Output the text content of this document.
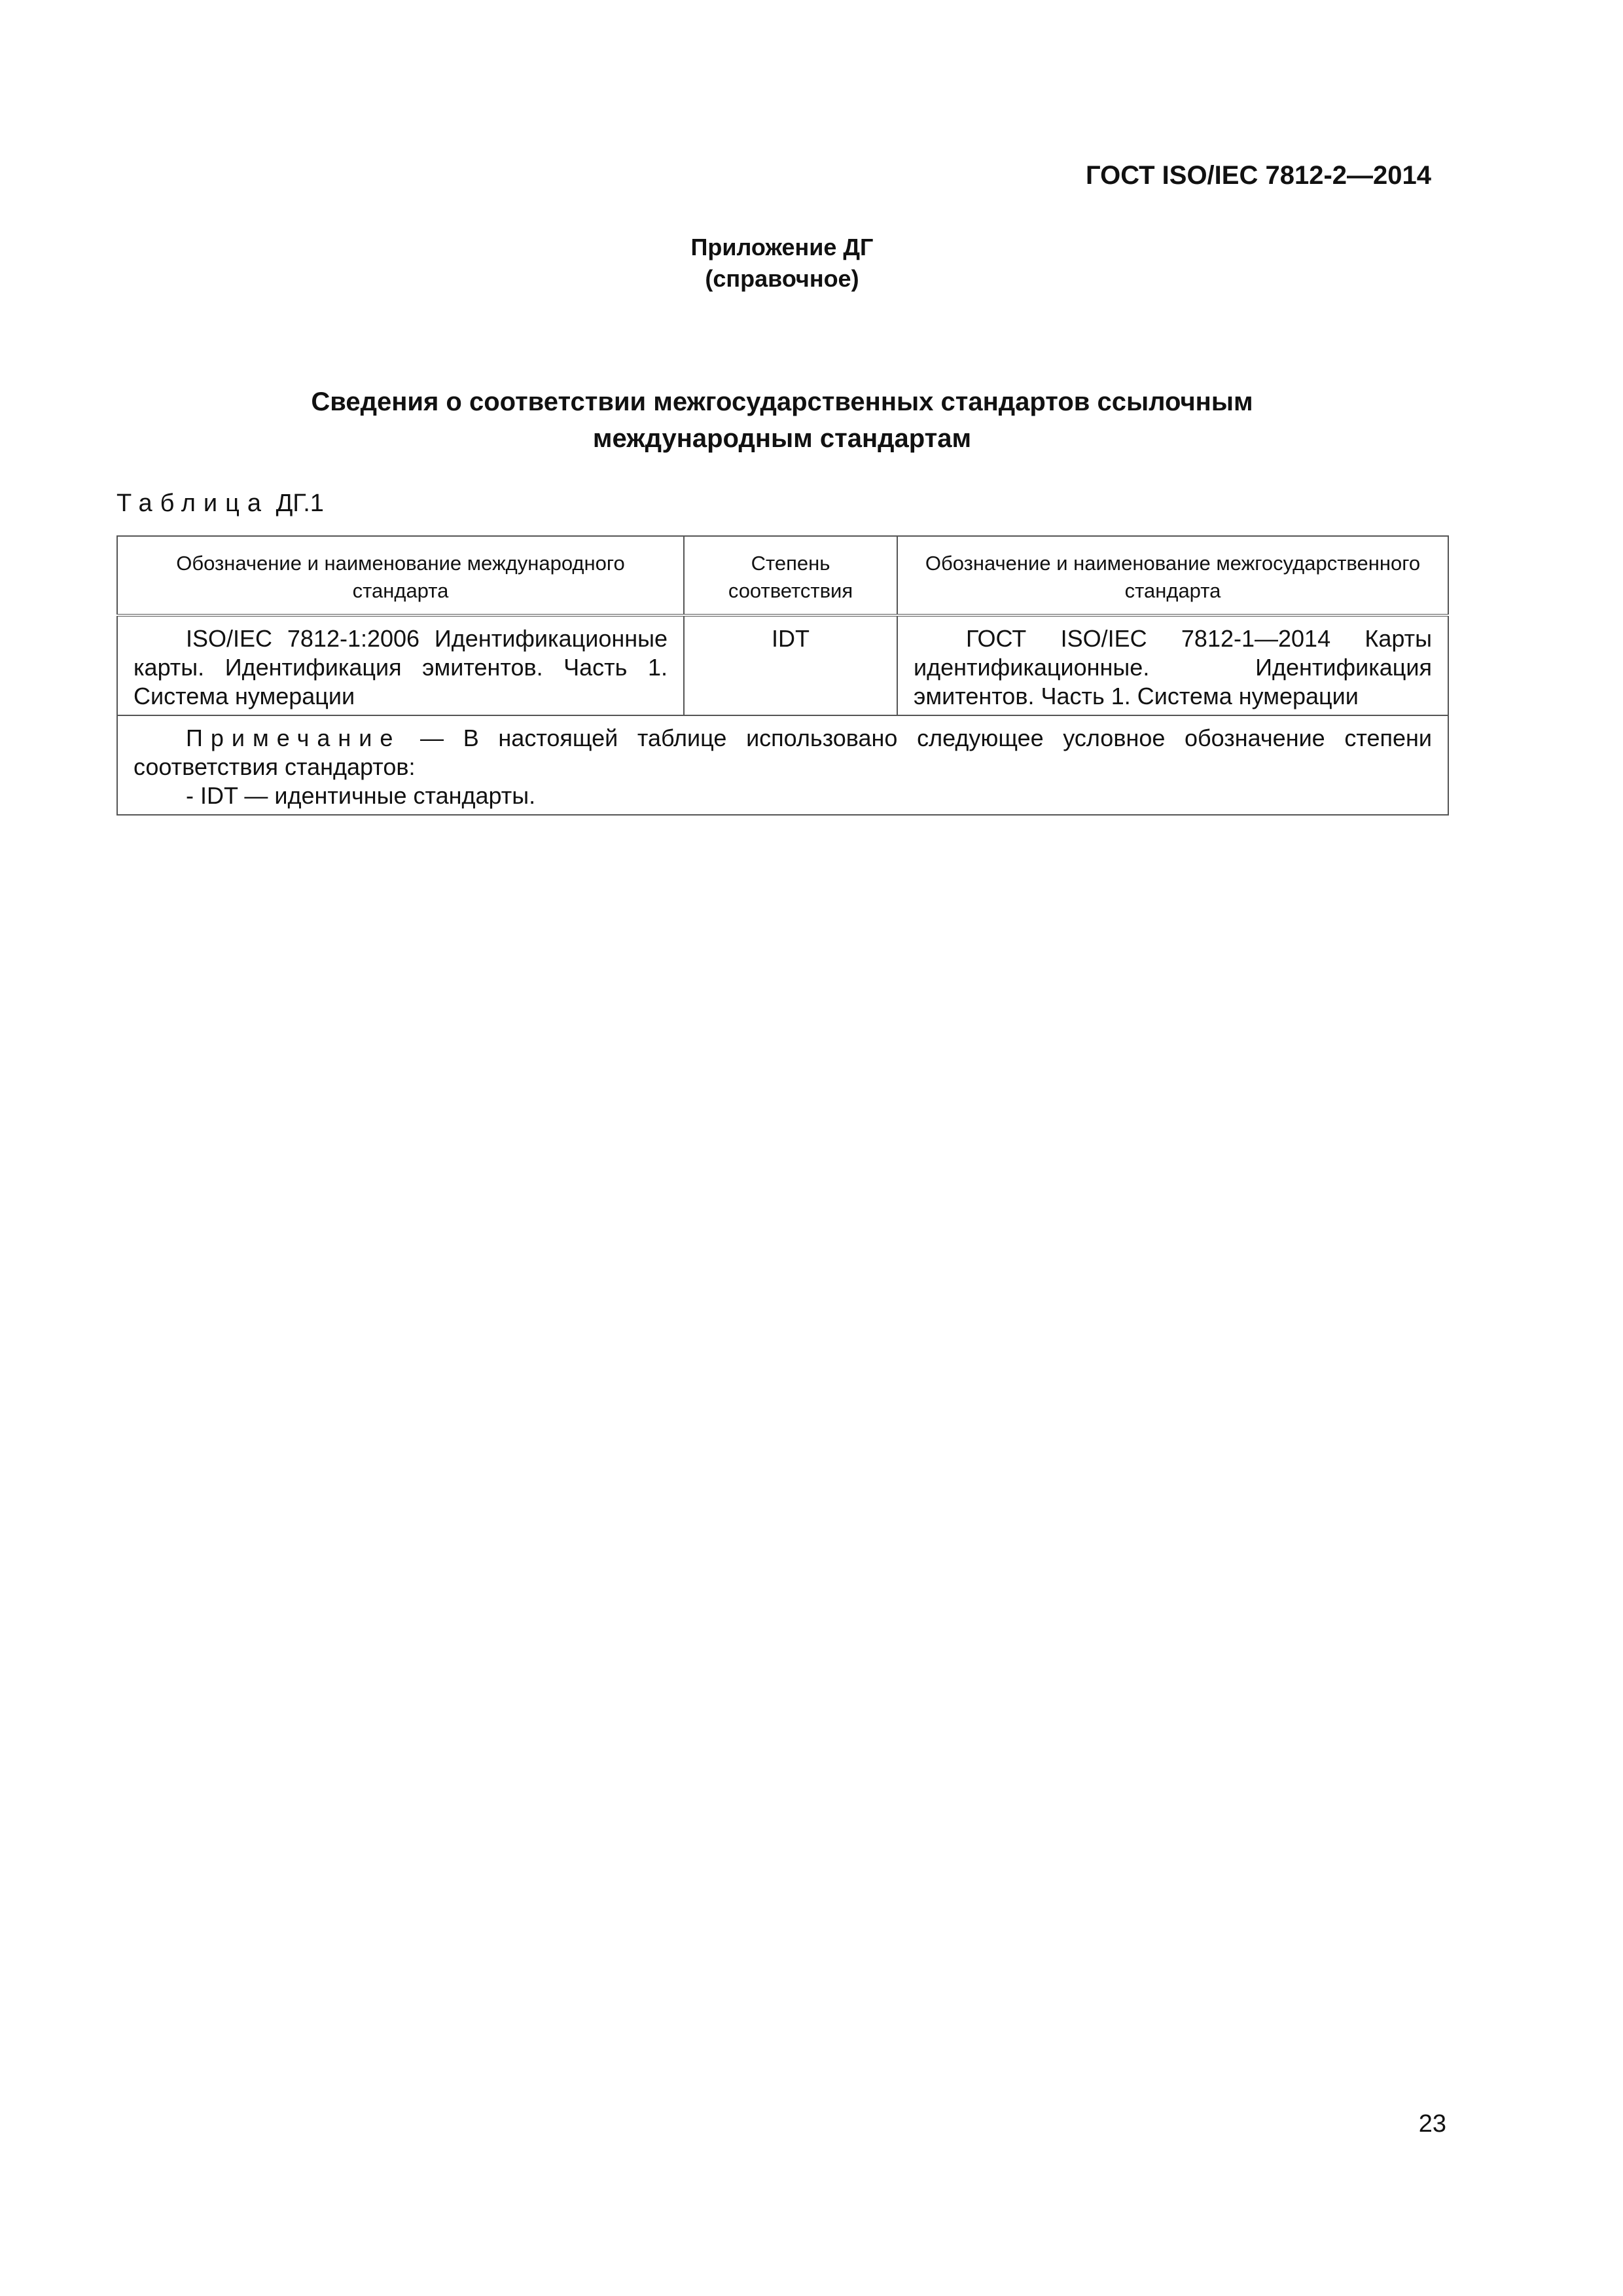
ГОСТ ISO/IEC 7812-2—2014
Приложение ДГ
(справочное)
Сведения о соответствии межгосударственных стандартов ссылочным
международным стандартам
Таблица ДГ.1
Обозначение и наименование международного стандарта	Степень соответствия	Обозначение и наименование межгосударственного стандарта

ISO/IEC 7812-1:2006 Идентификационные карты. Идентификация эмитентов. Часть 1. Система нумерации	IDT	ГОСТ ISO/IEC 7812-1—2014 Карты идентификационные. Идентификация эмитентов. Часть 1. Система нумерации

Примечание — В настоящей таблице использовано следующее условное обозначение степени соответствия стандартов:
- IDT — идентичные стандарты.		
23
